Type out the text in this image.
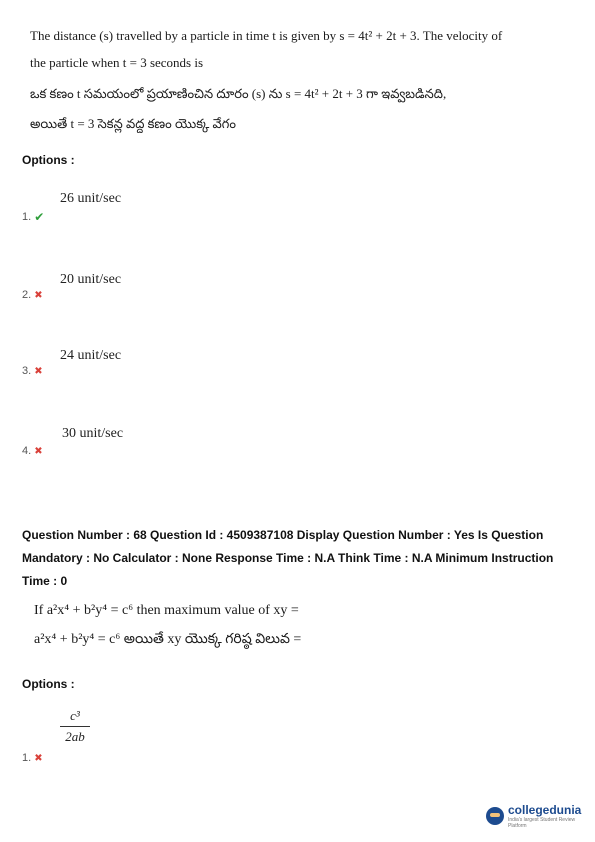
The distance (s) travelled by a particle in time t is given by s = 4t² + 2t + 3. The velocity of
the particle when t = 3 seconds is
ఒక కణం t సమయంలో ప్రయాణించిన దూరం (s) ను s = 4t² + 2t + 3 గా ఇవ్వబడినది,
అయితే t = 3 సెకన్ల వద్ద కణం యొక్క వేగం
Options :
26 unit/sec
1. ✔
20 unit/sec
2. ✖
24 unit/sec
3. ✖
30 unit/sec
4. ✖
Question Number : 68 Question Id : 4509387108 Display Question Number : Yes Is Question
Mandatory : No Calculator : None Response Time : N.A Think Time : N.A Minimum Instruction
Time : 0
If a²x⁴ + b²y⁴ = c⁶ then maximum value of xy =
a²x⁴ + b²y⁴ = c⁶ అయితే xy యొక్క గరిష్ఠ విలువ =
Options :
c³
2ab
1. ✖
collegedunia
India's largest Student Review Platform
